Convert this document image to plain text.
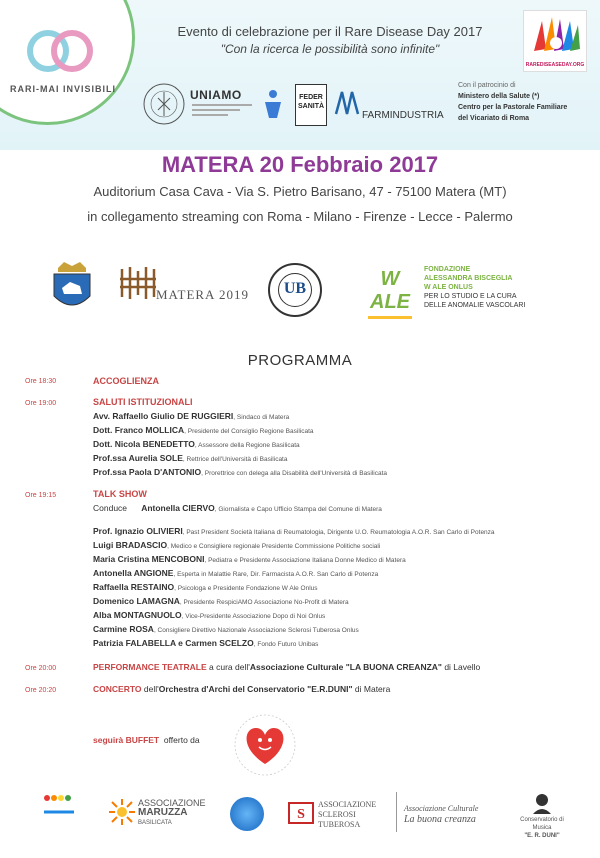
RARI-MAI INVISIBILI
Evento di celebrazione per il Rare Disease Day 2017
"Con la ricerca le possibilità sono infinite"
RAREDISEASEDAY.ORG
UNIAMO	FEDER SANITÀ
FARMINDUSTRIA
Con il patrocinio di
Ministero della Salute (*)
Centro per la Pastorale Familiare
del Vicariato di Roma
MATERA 20 Febbraio 2017
Auditorium Casa Cava - Via S. Pietro Barisano, 47 - 75100 Matera (MT)
in collegamento streaming con Roma - Milano - Firenze - Lecce - Palermo
MATERA 2019	UB	W ALE
FONDAZIONE
ALESSANDRA BISCEGLIA
W ALE ONLUS
PER LO STUDIO E LA CURA
DELLE ANOMALIE VASCOLARI
PROGRAMMA
Ore 18:30	ACCOGLIENZA
Ore 19:00	SALUTI ISTITUZIONALI
Avv. Raffaello Giulio DE RUGGIERI, Sindaco di Matera
Dott. Franco MOLLICA, Presidente del Consiglio Regione Basilicata
Dott. Nicola BENEDETTO, Assessore della Regione Basilicata
Prof.ssa Aurelia SOLE, Rettrice dell'Università di Basilicata
Prof.ssa Paola D'ANTONIO, Prorettrice con delega alla Disabilità dell'Università di Basilicata
Ore 19:15	TALK SHOW
Conduce Antonella CIERVO, Giornalista e Capo Ufficio Stampa del Comune di Matera
Prof. Ignazio OLIVIERI, Past President Società Italiana di Reumatologia, Dirigente U.O. Reumatologia A.O.R. San Carlo di Potenza
Luigi BRADASCIO, Medico e Consigliere regionale Presidente Commissione Politiche sociali
Maria Cristina MENCOBONI, Pediatra e Presidente Associazione Italiana Donne Medico di Matera
Antonella ANGIONE, Esperta in Malattie Rare, Dir. Farmacista A.O.R. San Carlo di Potenza
Raffaella RESTAINO, Psicologa e Presidente Fondazione W Ale Onlus
Domenico LAMAGNA, Presidente RespiciAMO Associazione No-Profit di Matera
Alba MONTAGNUOLO, Vice-Presidente Associazione Dopo di Noi Onlus
Carmine ROSA, Consigliere Direttivo Nazionale Associazione Sclerosi Tuberosa Onlus
Patrizia FALABELLA e Carmen SCELZO, Fondo Futuro Unibas
Ore 20:00	PERFORMANCE TEATRALE a cura dell'Associazione Culturale "LA BUONA CREANZA" di Lavello
Ore 20:20	CONCERTO dell'Orchestra d'Archi del Conservatorio "E.R.DUNI" di Matera
seguirà BUFFET offerto da
ASSOCIAZIONE
MARUZZA
BASILICATA
S
ASSOCIAZIONE
SCLEROSI
TUBEROSA
Associazione Culturale
La buona creanza	Conservatorio di Musica
"E. R. DUNI"
